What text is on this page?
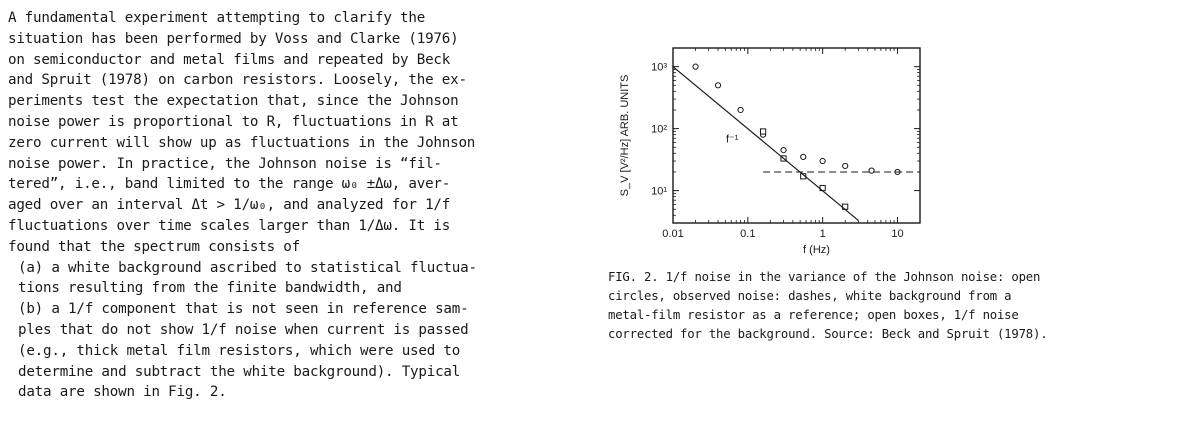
A fundamental experiment attempting to clarify the

situation has been performed by Voss and Clarke (1976)

on semiconductor and metal films and repeated by Beck

and Spruit (1978) on carbon resistors. Loosely, the ex-

periments test the expectation that, since the Johnson

noise power is proportional to R, fluctuations in R at

zero current will show up as fluctuations in the Johnson

noise power. In practice, the Johnson noise is “fil-

tered”, i.e., band limited to the range ω₀ ±Δω, aver-

aged over an interval Δt > 1/ω₀, and analyzed for 1/f

fluctuations over time scales larger than 1/Δω. It is

found that the spectrum consists of

(a) a white background ascribed to statistical fluctua-

tions resulting from the finite bandwidth, and

(b) a 1/f component that is not seen in reference sam-

ples that do not show 1/f noise when current is passed

(e.g., thick metal film resistors, which were used to

determine and subtract the white background). Typical

data are shown in Fig. 2.

0.01	0.1	1	10
10¹
10²
10³
f (Hz)
S_V [V²/Hz] ARB. UNITS	f⁻¹

FIG. 2. 1/f noise in the variance of the Johnson noise: open

circles, observed noise: dashes, white background from a

metal-film resistor as a reference; open boxes, 1/f noise

corrected for the background. Source: Beck and Spruit (1978).
